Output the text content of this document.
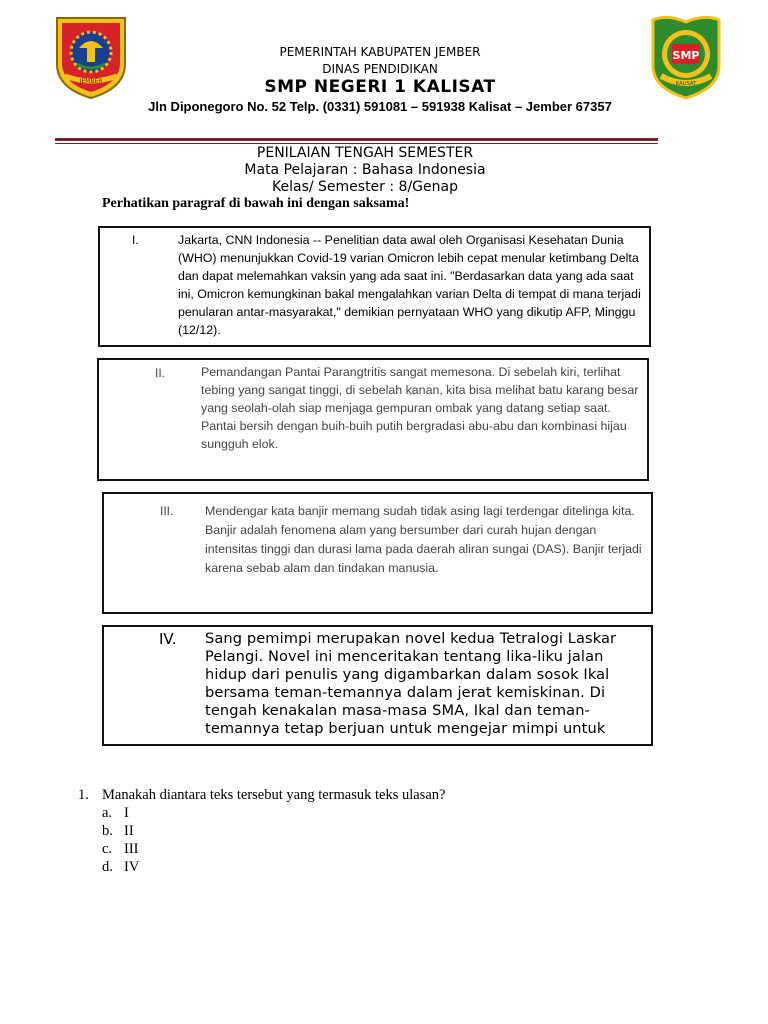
JEMBER
SMP
KALISAT
PEMERINTAH KABUPATEN JEMBER
DINAS PENDIDIKAN
SMP NEGERI 1 KALISAT
Jln Diponegoro No. 52 Telp. (0331) 591081 – 591938 Kalisat – Jember 67357
PENILAIAN TENGAH SEMESTER
Mata Pelajaran : Bahasa Indonesia
Kelas/ Semester : 8/Genap
Perhatikan paragraf di bawah ini dengan saksama!
I.	Jakarta, CNN Indonesia -- Penelitian data awal oleh Organisasi Kesehatan Dunia (WHO) menunjukkan Covid-19 varian Omicron lebih cepat menular ketimbang Delta dan dapat melemahkan vaksin yang ada saat ini. "Berdasarkan data yang ada saat ini, Omicron kemungkinan bakal mengalahkan varian Delta di tempat di mana terjadi penularan antar-masyarakat," demikian pernyataan WHO yang dikutip AFP, Minggu (12/12).
II.	Pemandangan Pantai Parangtritis sangat memesona. Di sebelah kiri, terlihat tebing yang sangat tinggi, di sebelah kanan, kita bisa melihat batu karang besar yang seolah-olah siap menjaga gempuran ombak yang datang setiap saat. Pantai bersih dengan buih-buih putih bergradasi abu-abu dan kombinasi hijau sungguh elok.
III.	Mendengar kata banjir memang sudah tidak asing lagi terdengar ditelinga kita. Banjir adalah fenomena alam yang bersumber dari curah hujan dengan intensitas tinggi dan durasi lama pada daerah aliran sungai (DAS). Banjir terjadi karena sebab alam dan tindakan manusia.
IV. Sang pemimpi merupakan novel kedua Tetralogi Laskar Pelangi. Novel ini menceritakan tentang lika-liku jalan hidup dari penulis yang digambarkan dalam sosok Ikal bersama teman-temannya dalam jerat kemiskinan. Di tengah kenakalan masa-masa SMA, Ikal dan teman-temannya tetap berjuan untuk mengejar mimpi untuk
1. Manakah diantara teks tersebut yang termasuk teks ulasan?
a. I
b. II
c. III
d. IV
